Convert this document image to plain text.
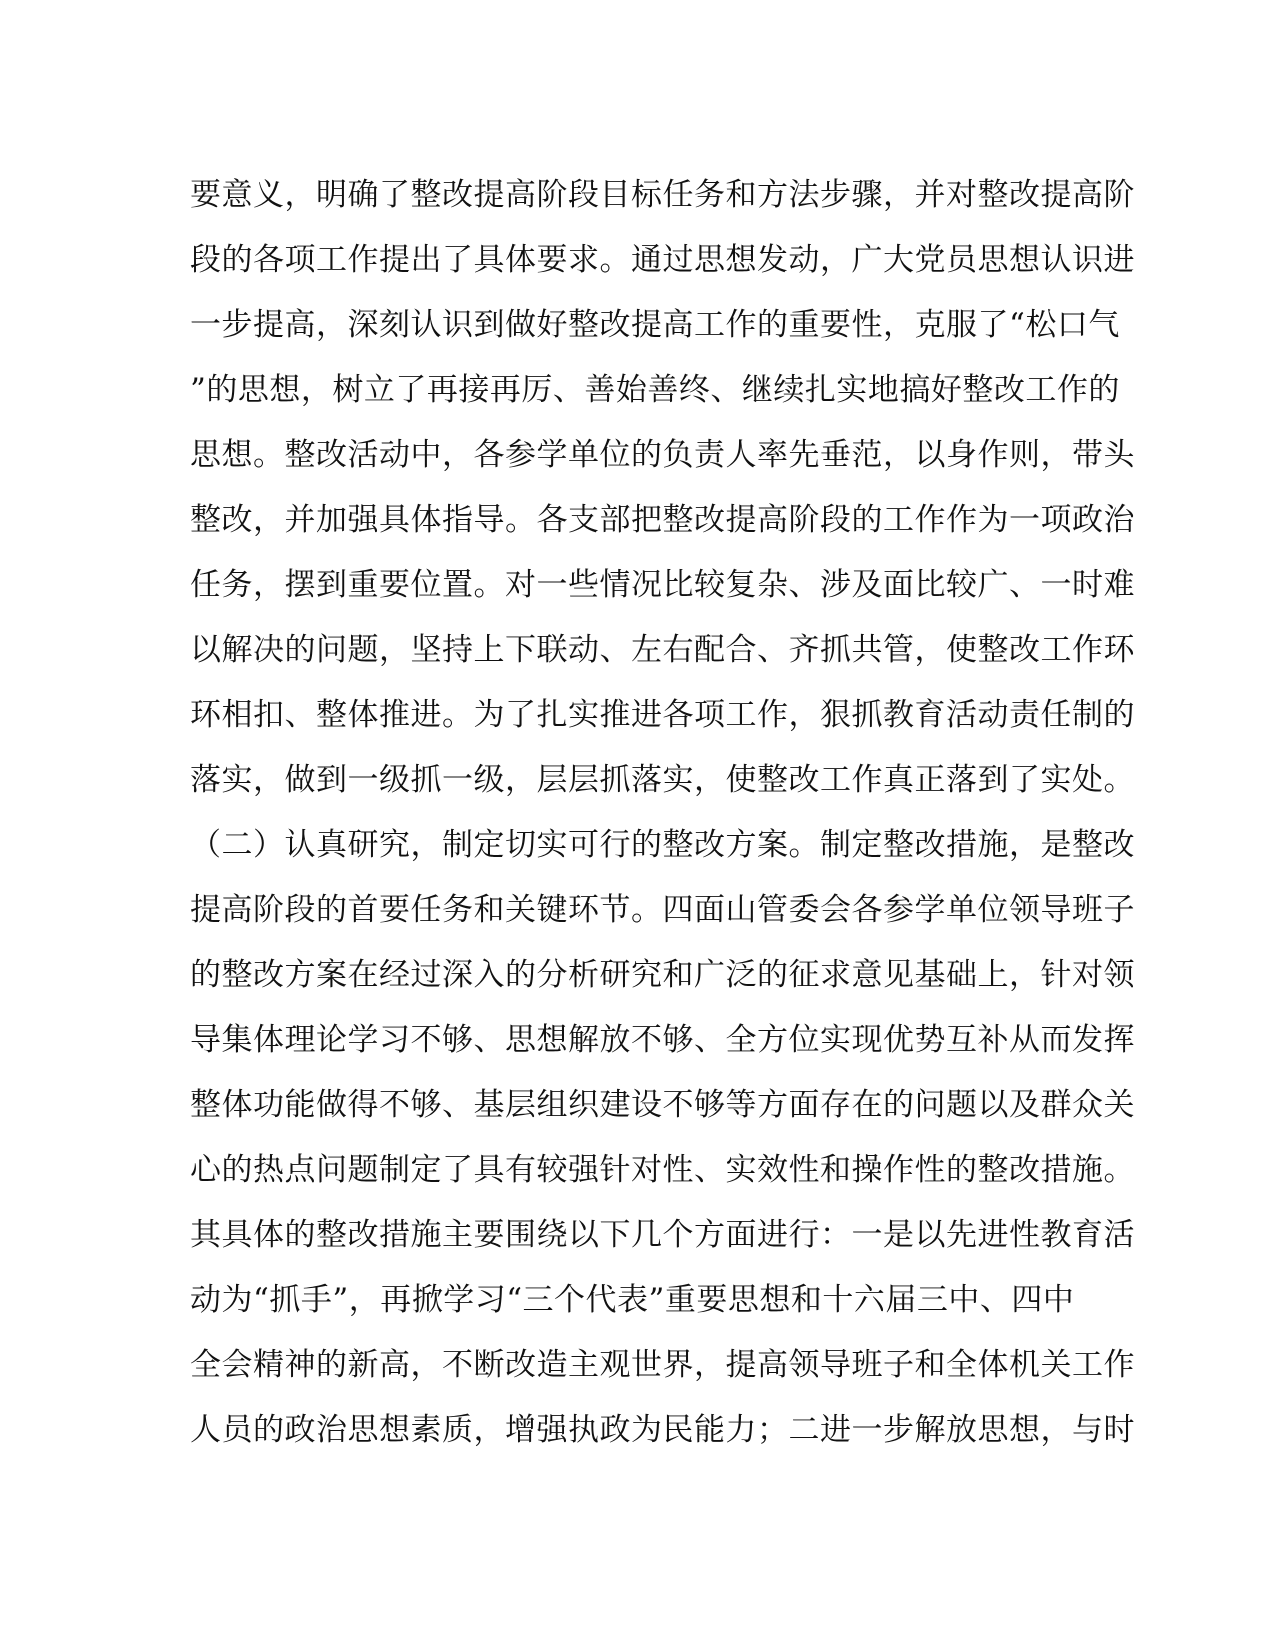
要意义，明确了整改提高阶段目标任务和方法步骤，并对整改提高阶
段的各项工作提出了具体要求。通过思想发动，广大党员思想认识进
一步提高，深刻认识到做好整改提高工作的重要性，克服了“松口气
”的思想，树立了再接再厉、善始善终、继续扎实地搞好整改工作的
思想。整改活动中，各参学单位的负责人率先垂范，以身作则，带头
整改，并加强具体指导。各支部把整改提高阶段的工作作为一项政治
任务，摆到重要位置。对一些情况比较复杂、涉及面比较广、一时难
以解决的问题，坚持上下联动、左右配合、齐抓共管，使整改工作环
环相扣、整体推进。为了扎实推进各项工作，狠抓教育活动责任制的
落实，做到一级抓一级，层层抓落实，使整改工作真正落到了实处。
（二）认真研究，制定切实可行的整改方案。制定整改措施，是整改
提高阶段的首要任务和关键环节。四面山管委会各参学单位领导班子
的整改方案在经过深入的分析研究和广泛的征求意见基础上，针对领
导集体理论学习不够、思想解放不够、全方位实现优势互补从而发挥
整体功能做得不够、基层组织建设不够等方面存在的问题以及群众关
心的热点问题制定了具有较强针对性、实效性和操作性的整改措施。
其具体的整改措施主要围绕以下几个方面进行：一是以先进性教育活
动为“抓手”，再掀学习“三个代表”重要思想和十六届三中、四中
全会精神的新高，不断改造主观世界，提高领导班子和全体机关工作
人员的政治思想素质，增强执政为民能力；二进一步解放思想，与时
